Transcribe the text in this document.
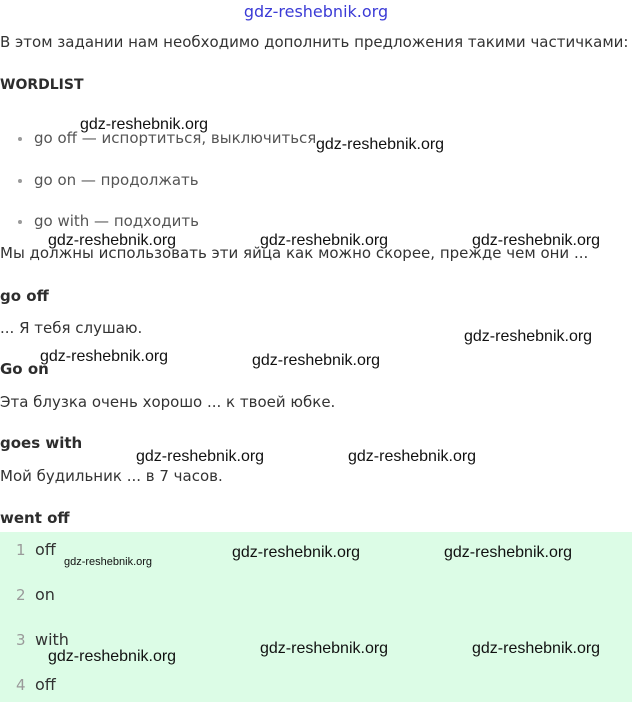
gdz-reshebnik.org
В этом задании нам необходимо дополнить предложения такими частичками:
WORDLIST
go off — испортиться, выключиться
go on — продолжать
go with — подходить
Мы должны использовать эти яйца как можно скорее, прежде чем они ...
go off
... Я тебя слушаю.
Go on
Эта блузка очень хорошо ... к твоей юбке.
goes with
Мой будильник ... в 7 часов.
went off
1 off
2 on
3 with
4 off
gdz-reshebnik.org
gdz-reshebnik.org
gdz-reshebnik.org	gdz-reshebnik.org	gdz-reshebnik.org
gdz-reshebnik.org
gdz-reshebnik.org	gdz-reshebnik.org
gdz-reshebnik.org	gdz-reshebnik.org
gdz-reshebnik.org	gdz-reshebnik.org
gdz-reshebnik.org
gdz-reshebnik.org	gdz-reshebnik.org	gdz-reshebnik.org
